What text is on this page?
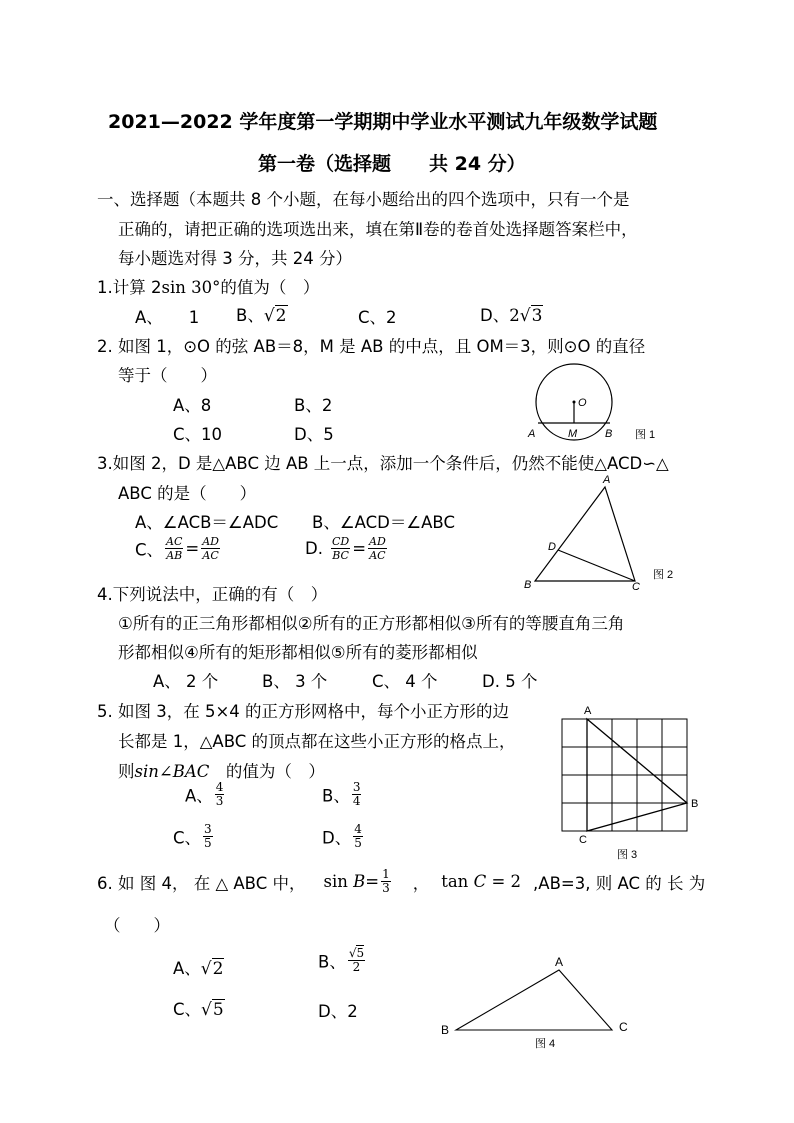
2021—2022 学年度第一学期期中学业水平测试九年级数学试题
第一卷（选择题　　共 24 分）
一、选择题（本题共 8 个小题，在每小题给出的四个选项中，只有一个是
正确的，请把正确的选项选出来，填在第Ⅱ卷的卷首处选择题答案栏中，
每小题选对得 3 分，共 24 分）
1.计算 2sin 30°的值为（　）
A、 1 B、√2	C、2	D、2√3
2. 如图 1，⊙O 的弦 AB＝8，M 是 AB 的中点，且 OM＝3，则⊙O 的直径
等于（　　）
A、8	B、2
C、10	D、5
O
A	M	B 图 1
3.如图 2，D 是△ABC 边 AB 上一点，添加一个条件后，仍然不能使△ACD∽△
ABC 的是（　　）
A、∠ACB＝∠ADC B、∠ACD＝∠ABC
C、 $\frac{AC}{AB} = \frac{AD}{AC}$	D. $\frac{CD}{BC} = \frac{AD}{AC}$
A
D
B	C
图 2
4.下列说法中，正确的有（　）
①所有的正三角形都相似②所有的正方形都相似③所有的等腰直角三角
形都相似④所有的矩形都相似⑤所有的菱形都相似
A、 2 个	B、 3 个	C、 4 个	D. 5 个
5. 如图 3，在 5×4 的正方形网格中，每个小正方形的边
长都是 1，△ABC 的顶点都在这些小正方形的格点上，
则sin∠BAC　的值为（　）
A、 $\frac{4}{3}$	B、 $\frac{3}{4}$
C、 $\frac{3}{5}$	D、 $\frac{4}{5}$
A
B
C
图 3
6. 如 图 4， 在 △ ABC 中， $\sin B= \frac{1}{3}$ ， tan C = 2 ,AB=3, 则 AC 的 长 为
（　　）
A、√2	B、 $\frac{√5}{2}$
C、√5	D、2
A
B	C
图 4
